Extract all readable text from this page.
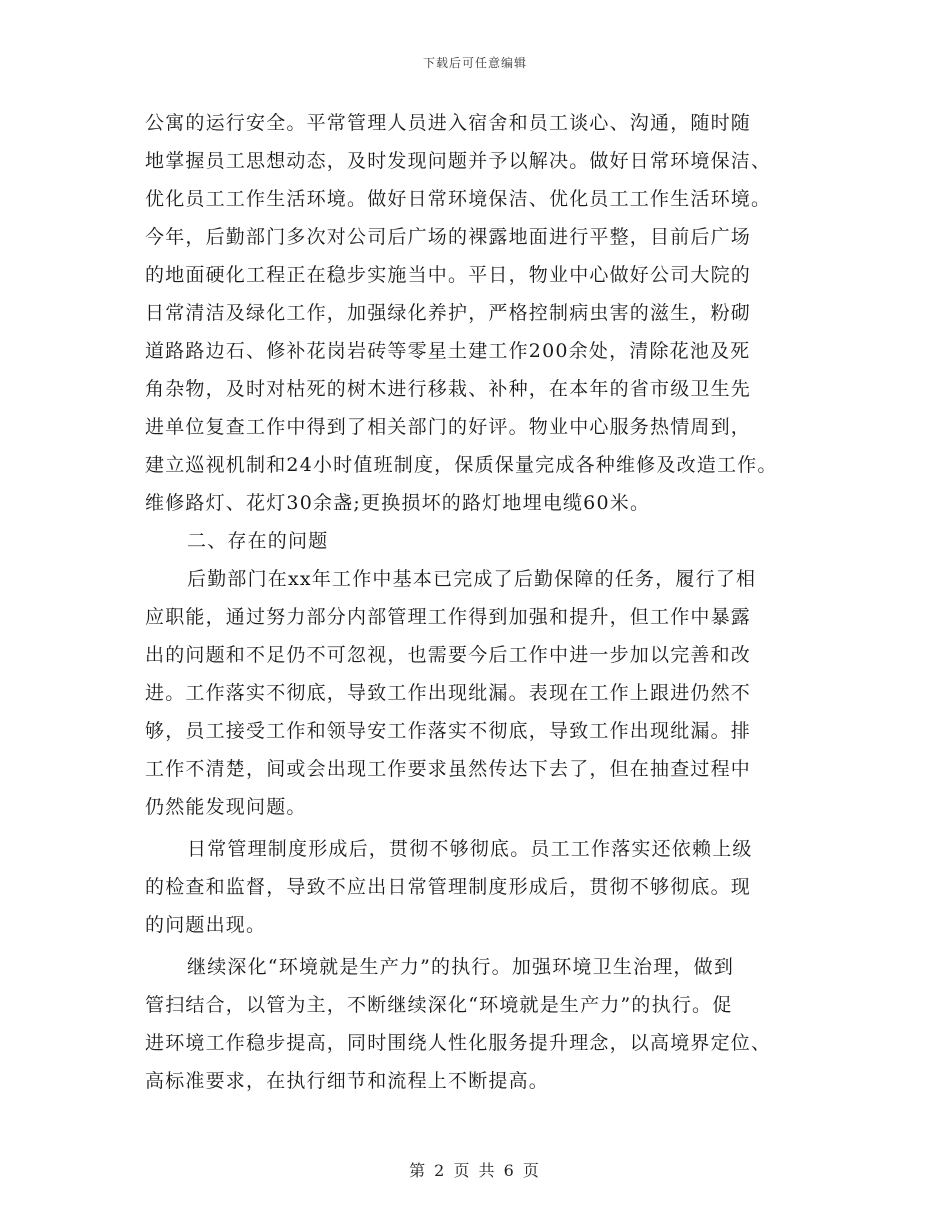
下载后可任意编辑
公寓的运行安全。平常管理人员进入宿舍和员工谈心、沟通，随时随
地掌握员工思想动态，及时发现问题并予以解决。做好日常环境保洁、
优化员工工作生活环境。做好日常环境保洁、优化员工工作生活环境。
今年，后勤部门多次对公司后广场的裸露地面进行平整，目前后广场
的地面硬化工程正在稳步实施当中。平日，物业中心做好公司大院的
日常清洁及绿化工作，加强绿化养护，严格控制病虫害的滋生，粉砌
道路路边石、修补花岗岩砖等零星土建工作200余处，清除花池及死
角杂物，及时对枯死的树木进行移栽、补种，在本年的省市级卫生先
进单位复查工作中得到了相关部门的好评。物业中心服务热情周到，
建立巡视机制和24小时值班制度，保质保量完成各种维修及改造工作。
维修路灯、花灯30余盏;更换损坏的路灯地埋电缆60米。
二、存在的问题
后勤部门在xx年工作中基本已完成了后勤保障的任务，履行了相
应职能，通过努力部分内部管理工作得到加强和提升，但工作中暴露
出的问题和不足仍不可忽视，也需要今后工作中进一步加以完善和改
进。工作落实不彻底，导致工作出现纰漏。表现在工作上跟进仍然不
够，员工接受工作和领导安工作落实不彻底，导致工作出现纰漏。排
工作不清楚，间或会出现工作要求虽然传达下去了，但在抽查过程中
仍然能发现问题。
日常管理制度形成后，贯彻不够彻底。员工工作落实还依赖上级
的检查和监督，导致不应出日常管理制度形成后，贯彻不够彻底。现
的问题出现。
继续深化“环境就是生产力”的执行。加强环境卫生治理，做到
管扫结合，以管为主，不断继续深化“环境就是生产力”的执行。促
进环境工作稳步提高，同时围绕人性化服务提升理念，以高境界定位、
高标准要求，在执行细节和流程上不断提高。
第 2 页 共 6 页
